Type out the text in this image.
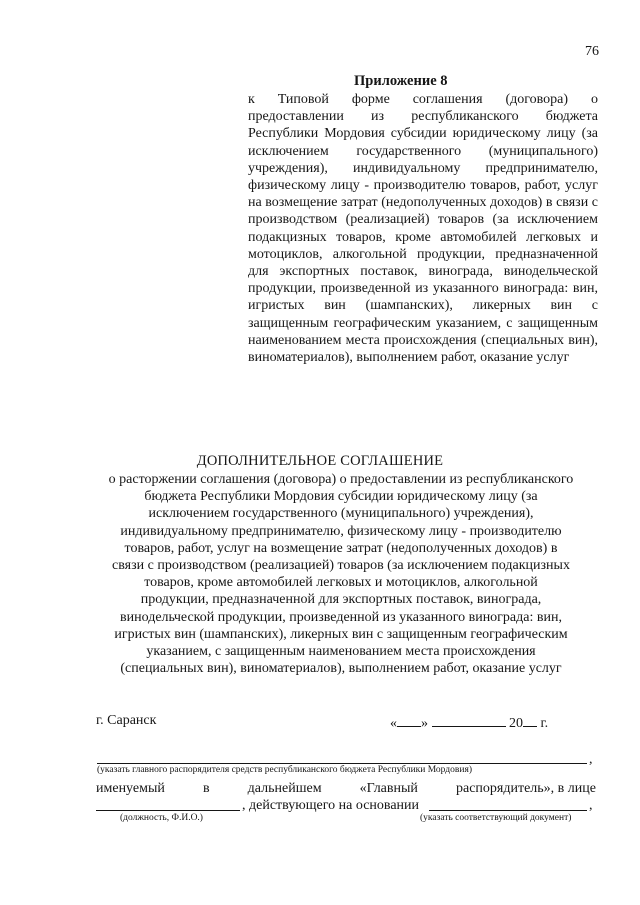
76
Приложение 8
к Типовой форме соглашения (договора) о предоставлении из республиканского бюджета Республики Мордовия субсидии юридическому лицу (за исключением государственного (муниципального) учреждения), индивидуальному предпринимателю, физическому лицу - производителю товаров, работ, услуг на возмещение затрат (недополученных доходов) в связи с производством (реализацией) товаров (за исключением подакцизных товаров, кроме автомобилей легковых и мотоциклов, алкогольной продукции, предназначенной для экспортных поставок, винограда, винодельческой продукции, произведенной из указанного винограда: вин, игристых вин (шампанских), ликерных вин с защищенным географическим указанием, с защищенным наименованием места происхождения (специальных вин), виноматериалов), выполнением работ, оказание услуг
ДОПОЛНИТЕЛЬНОЕ СОГЛАШЕНИЕ
о расторжении соглашения (договора) о предоставлении из республиканского
бюджета Республики Мордовия субсидии юридическому лицу (за
исключением государственного (муниципального) учреждения),
индивидуальному предпринимателю, физическому лицу - производителю
товаров, работ, услуг на возмещение затрат (недополученных доходов) в
связи с производством (реализацией) товаров (за исключением подакцизных
товаров, кроме автомобилей легковых и мотоциклов, алкогольной
продукции, предназначенной для экспортных поставок, винограда,
винодельческой продукции, произведенной из указанного винограда: вин,
игристых вин (шампанских), ликерных вин с защищенным географическим
указанием, с защищенным наименованием места происхождения
(специальных вин), виноматериалов), выполнением работ, оказание услуг
г. Саранск	« »	20 г.
,
(указать главного распорядителя средств республиканского бюджета Республики Мордовия)
именуемый	в	дальнейшем	«Главный	распорядитель», в лице
, действующего на основании	,
(должность, Ф.И.О.)	(указать соответствующий документ)
